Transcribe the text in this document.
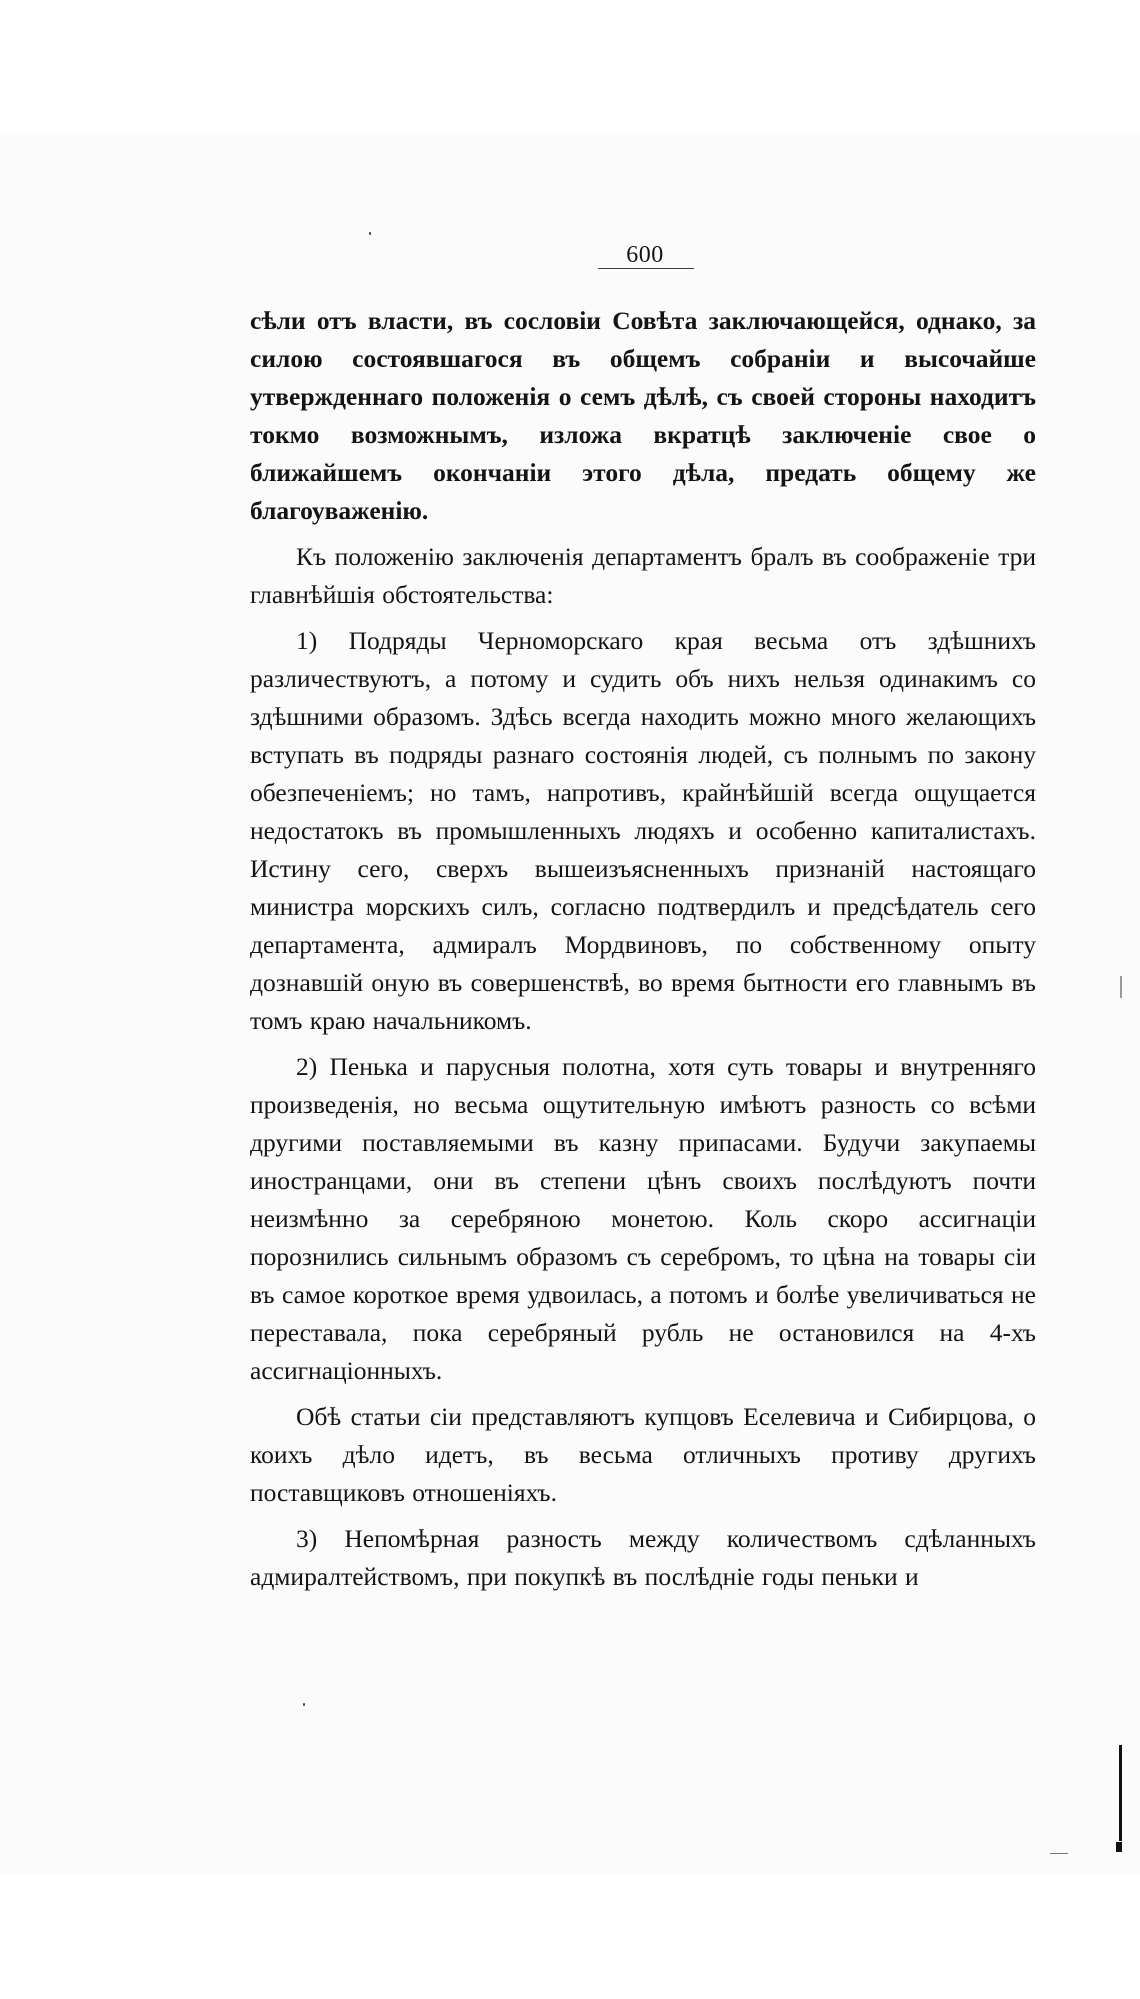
600

сѣли отъ власти, въ сословіи Совѣта заключающейся, однако, за силою состоявшагося въ общемъ собраніи и высочайше утвержденнаго положенія о семъ дѣлѣ, съ своей стороны находитъ токмо возможнымъ, изложа вкратцѣ заключеніе свое о ближайшемъ окончаніи этого дѣла, предать общему же благоуваженію.

Къ положенію заключенія департаментъ бралъ въ соображеніе три главнѣйшія обстоятельства:

1) Подряды Черноморскаго края весьма отъ здѣшнихъ различествуютъ, а потому и судить объ нихъ нельзя одинакимъ со здѣшними образомъ. Здѣсь всегда находить можно много желающихъ вступать въ подряды разнаго состоянія людей, съ полнымъ по закону обезпеченіемъ; но тамъ, напротивъ, крайнѣйшій всегда ощущается недостатокъ въ промышленныхъ людяхъ и особенно капиталистахъ. Истину сего, сверхъ вышеизъясненныхъ признаній настоящаго министра морскихъ силъ, согласно подтвердилъ и предсѣдатель сего департамента, адмиралъ Мордвиновъ, по собственному опыту дознавшій оную въ совершенствѣ, во время бытности его главнымъ въ томъ краю начальникомъ.

2) Пенька и парусныя полотна, хотя суть товары и внутренняго произведенія, но весьма ощутительную имѣютъ разность со всѣми другими поставляемыми въ казну припасами. Будучи закупаемы иностранцами, они въ степени цѣнъ своихъ послѣдуютъ почти неизмѣнно за серебряною монетою. Коль скоро ассигнаціи порознились сильнымъ образомъ съ серебромъ, то цѣна на товары сіи въ самое короткое время удвоилась, а потомъ и болѣе увеличиваться не переставала, пока серебряный рубль не остановился на 4-хъ ассигнаціонныхъ.

Обѣ статьи сіи представляютъ купцовъ Еселевича и Сибирцова, о коихъ дѣло идетъ, въ весьма отличныхъ противу другихъ поставщиковъ отношеніяхъ.

3) Непомѣрная разность между количествомъ сдѣланныхъ адмиралтействомъ, при покупкѣ въ послѣдніе годы пеньки и
